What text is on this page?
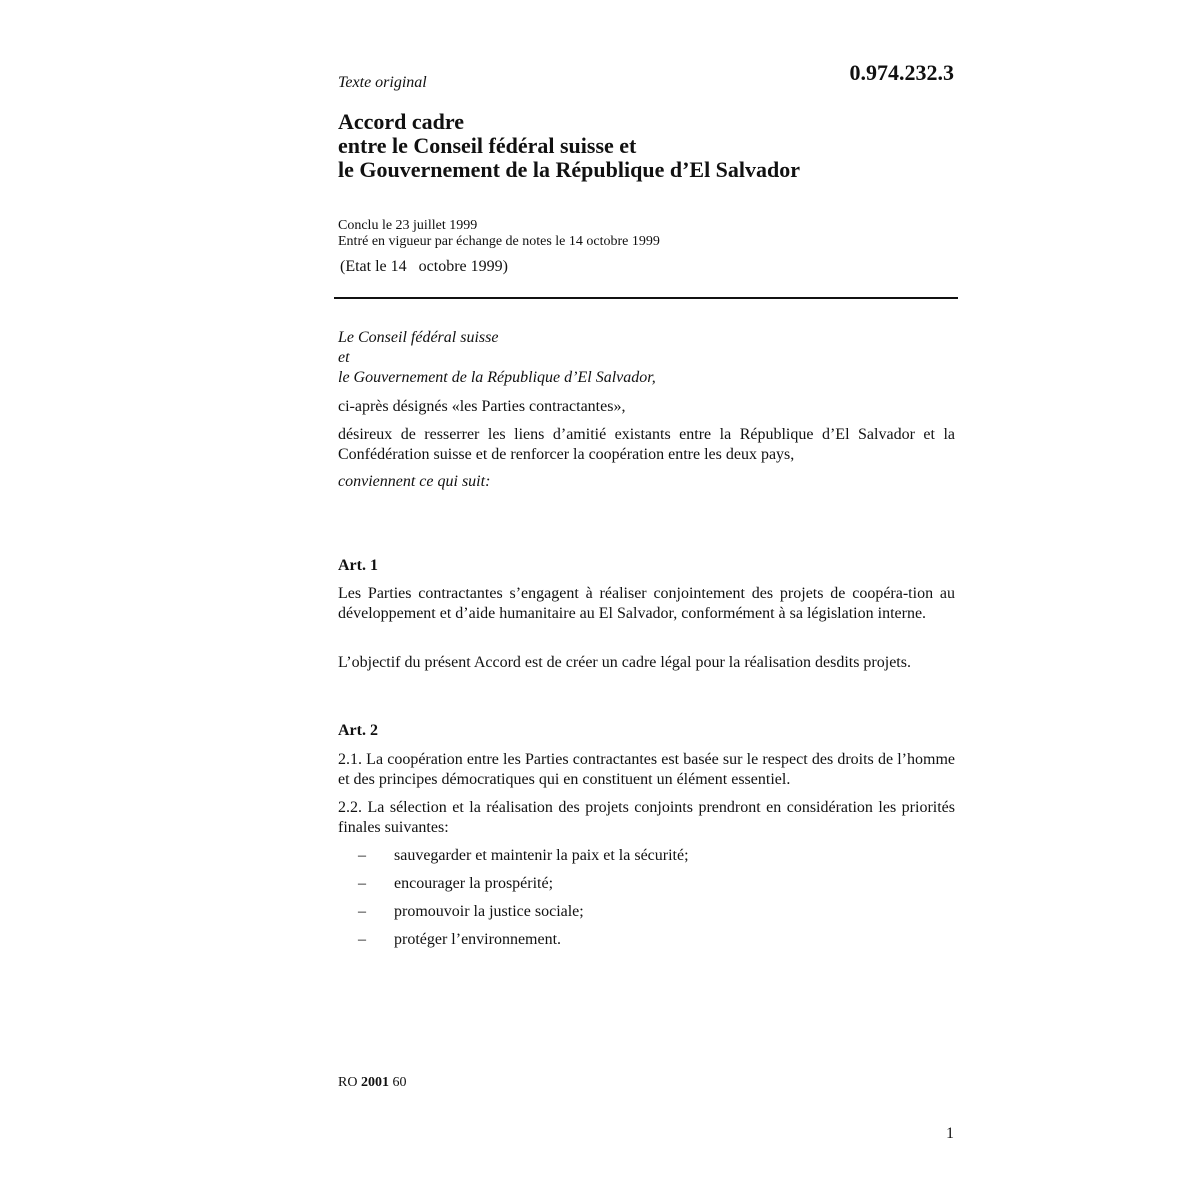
0.974.232.3
Texte original
Accord cadre
entre le Conseil fédéral suisse et
le Gouvernement de la République d’El Salvador
Conclu le 23 juillet 1999
Entré en vigueur par échange de notes le 14 octobre 1999
(Etat le 14   octobre 1999)

Le Conseil fédéral suisse

et

le Gouvernement de la République d’El Salvador,

ci-après désignés «les Parties contractantes»,

désireux de resserrer les liens d’amitié existants entre la République d’El Salvador et la Confédération suisse et de renforcer la coopération entre les deux pays,

conviennent ce qui suit:

Art. 1

Les Parties contractantes s’engagent à réaliser conjointement des projets de coopéra-tion au développement et d’aide humanitaire au El Salvador, conformément à sa législation interne.

L’objectif du présent Accord est de créer un cadre légal pour la réalisation desdits projets.

Art. 2

2.1. La coopération entre les Parties contractantes est basée sur le respect des droits de l’homme et des principes démocratiques qui en constituent un élément essentiel.

2.2. La sélection et la réalisation des projets conjoints prendront en considération les priorités finales suivantes:

– sauvegarder et maintenir la paix et la sécurité;
– encourager la prospérité;
– promouvoir la justice sociale;
– protéger l’environnement.
RO 2001 60
1
